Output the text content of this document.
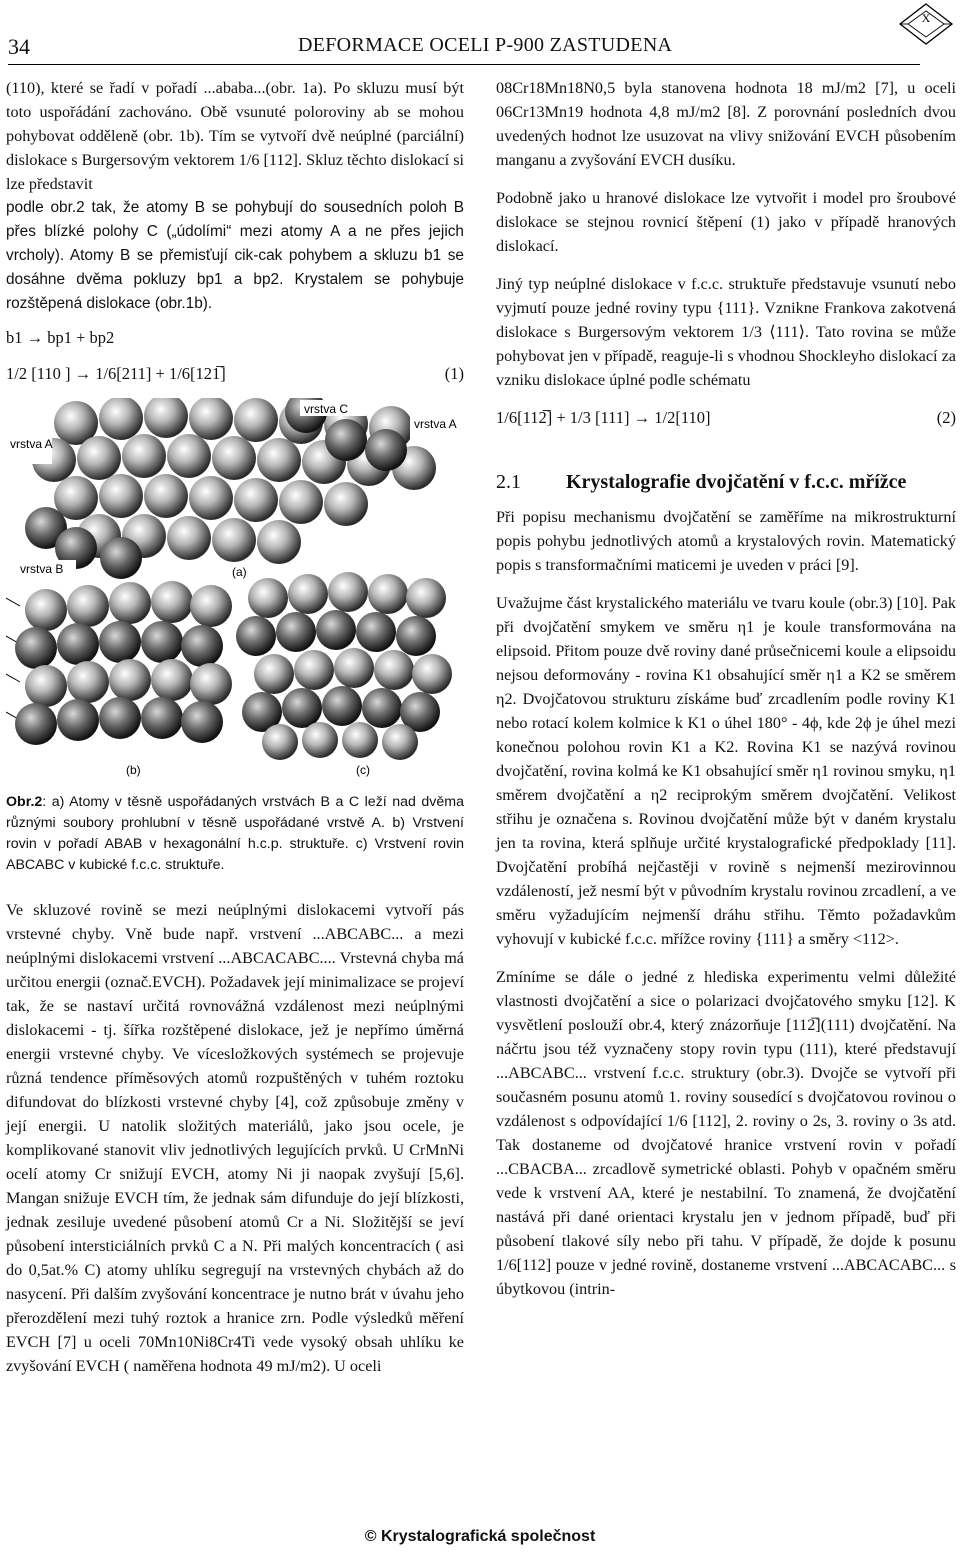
34	DEFORMACE OCELI P-900 ZASTUDENA
X

(110), které se řadí v pořadí ...ababa...(obr. 1a). Po skluzu musí být toto uspořádání zachováno. Obě vsunuté poloroviny ab se mohou pohybovat odděleně (obr. 1b). Tím se vytvoří dvě neúplné (parciální) dislokace s Burgersovým vektorem 1/6 [112]. Skluz těchto dislokací si lze představit

podle obr.2 tak, že atomy B se pohybují do sousedních poloh B přes blízké polohy C („údolími“ mezi atomy A a ne přes jejich vrcholy). Atomy B se přemisťují cik-cak pohybem a skluzu b1 se dosáhne dvěma pokluzy bp1 a bp2. Krystalem se pohybuje rozštěpená dislokace (obr.1b).

b1 → bp1 + bp2
1/2 [110 ] → 1/6[211] + 1/6[121̅]	(1)
vrstva C
vrstva A
vrstva A
vrstva B	(a)
(b)	(c)
Obr.2: a) Atomy v těsně uspořádaných vrstvách B a C leží nad dvěma různými soubory prohlubní v těsně uspořádané vrstvě A. b) Vrstvení rovin v pořadí ABAB v hexagonální h.c.p. struktuře. c) Vrstvení rovin ABCABC v kubické f.c.c. struktuře.

Ve skluzové rovině se mezi neúplnými dislokacemi vytvoří pás vrstevné chyby. Vně bude např. vrstvení ...ABCABC... a mezi neúplnými dislokacemi vrstvení ...ABCACABC.... Vrstevná chyba má určitou energii (označ.EVCH). Požadavek její minimalizace se projeví tak, že se nastaví určitá rovnovážná vzdálenost mezi neúplnými dislokacemi - tj. šířka rozštěpené dislokace, jež je nepřímo úměrná energii vrstevné chyby. Ve vícesložkových systémech se projevuje různá tendence příměsových atomů rozpuštěných v tuhém roztoku difundovat do blízkosti vrstevné chyby [4], což způsobuje změny v její energii. U natolik složitých materiálů, jako jsou ocele, je komplikované stanovit vliv jednotlivých legujících prvků. U CrMnNi ocelí atomy Cr snižují EVCH, atomy Ni ji naopak zvyšují [5,6]. Mangan snižuje EVCH tím, že jednak sám difunduje do její blízkosti, jednak zesiluje uvedené působení atomů Cr a Ni. Složitější se jeví působení intersticiálních prvků C a N. Při malých koncentracích ( asi do 0,5at.% C) atomy uhlíku segregují na vrstevných chybách až do nasycení. Při dalším zvyšování koncentrace je nutno brát v úvahu jeho přerozdělení mezi tuhý roztok a hranice zrn. Podle výsledků měření EVCH [7] u oceli 70Mn10Ni8Cr4Ti vede vysoký obsah uhlíku ke zvyšování EVCH ( naměřena hodnota 49 mJ/m2). U oceli

08Cr18Mn18N0,5 byla stanovena hodnota 18 mJ/m2 [7], u oceli 06Cr13Mn19 hodnota 4,8 mJ/m2 [8]. Z porovnání posledních dvou uvedených hodnot lze usuzovat na vlivy snižování EVCH působením manganu a zvyšování EVCH dusíku.

Podobně jako u hranové dislokace lze vytvořit i model pro šroubové dislokace se stejnou rovnicí štěpení (1) jako v případě hranových dislokací.

Jiný typ neúplné dislokace v f.c.c. struktuře představuje vsunutí nebo vyjmutí pouze jedné roviny typu {111}. Vznikne Frankova zakotvená dislokace s Burgersovým vektorem 1/3 ⟨111⟩. Tato rovina se může pohybovat jen v případě, reaguje-li s vhodnou Shockleyho dislokací za vzniku dislokace úplné podle schématu

1/6[112̅] + 1/3 [111] → 1/2[110]	(2)
2.1 Krystalografie dvojčatění v f.c.c. mřížce

Při popisu mechanismu dvojčatění se zaměříme na mikrostrukturní popis pohybu jednotlivých atomů a krystalových rovin. Matematický popis s transformačními maticemi je uveden v práci [9].

Uvažujme část krystalického materiálu ve tvaru koule (obr.3) [10]. Pak při dvojčatění smykem ve směru η1 je koule transformována na elipsoid. Přitom pouze dvě roviny dané průsečnicemi koule a elipsoidu nejsou deformovány - rovina K1 obsahující směr η1 a K2 se směrem η2. Dvojčatovou strukturu získáme buď zrcadlením podle roviny K1 nebo rotací kolem kolmice k K1 o úhel 180° - 4ϕ, kde 2ϕ je úhel mezi konečnou polohou rovin K1 a K2. Rovina K1 se nazývá rovinou dvojčatění, rovina kolmá ke K1 obsahující směr η1 rovinou smyku, η1 směrem dvojčatění a η2 reciprokým směrem dvojčatění. Velikost střihu je označena s. Rovinou dvojčatění může být v daném krystalu jen ta rovina, která splňuje určité krystalografické předpoklady [11]. Dvojčatění probíhá nejčastěji v rovině s nejmenší mezirovinnou vzdáleností, jež nesmí být v původním krystalu rovinou zrcadlení, a ve směru vyžadujícím nejmenší dráhu střihu. Těmto požadavkům vyhovují v kubické f.c.c. mřížce roviny {111} a směry <112>.

Zmíníme se dále o jedné z hlediska experimentu velmi důležité vlastnosti dvojčatění a sice o polarizaci dvojčatového smyku [12]. K vysvětlení poslouží obr.4, který znázorňuje [112̅](111) dvojčatění. Na náčrtu jsou též vyznačeny stopy rovin typu (111), které představují ...ABCABC... vrstvení f.c.c. struktury (obr.3). Dvojče se vytvoří při současném posunu atomů 1. roviny sousedící s dvojčatovou rovinou o vzdálenost s odpovídající 1/6 [112], 2. roviny o 2s, 3. roviny o 3s atd. Tak dostaneme od dvojčatové hranice vrstvení rovin v pořadí ...CBACBA... zrcadlově symetrické oblasti. Pohyb v opačném směru vede k vrstvení AA, které je nestabilní. To znamená, že dvojčatění nastává při dané orientaci krystalu jen v jednom případě, buď při působení tlakové síly nebo při tahu. V případě, že dojde k posunu 1/6[112] pouze v jedné rovině, dostaneme vrstvení ...ABCACABC... s úbytkovou (intrin-

© Krystalografická společnost
